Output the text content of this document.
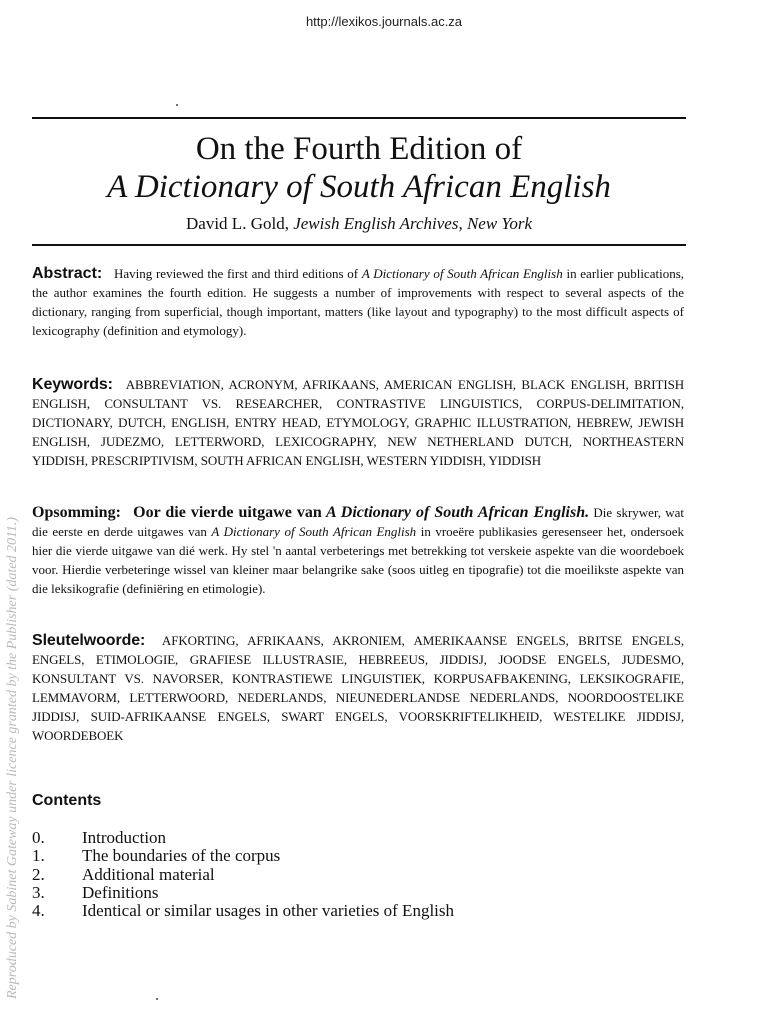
http://lexikos.journals.ac.za
On the Fourth Edition of
A Dictionary of South African English
David L. Gold, Jewish English Archives, New York
Abstract: Having reviewed the first and third editions of A Dictionary of South African English in earlier publications, the author examines the fourth edition. He suggests a number of improvements with respect to several aspects of the dictionary, ranging from superficial, though important, matters (like layout and typography) to the most difficult aspects of lexicography (definition and etymology).
Keywords: ABBREVIATION, ACRONYM, AFRIKAANS, AMERICAN ENGLISH, BLACK ENGLISH, BRITISH ENGLISH, CONSULTANT VS. RESEARCHER, CONTRASTIVE LINGUISTICS, CORPUS-DELIMITATION, DICTIONARY, DUTCH, ENGLISH, ENTRY HEAD, ETYMOLOGY, GRAPHIC ILLUSTRATION, HEBREW, JEWISH ENGLISH, JUDEZMO, LETTERWORD, LEXICOGRAPHY, NEW NETHERLAND DUTCH, NORTHEASTERN YIDDISH, PRESCRIPTIVISM, SOUTH AFRICAN ENGLISH, WESTERN YIDDISH, YIDDISH
Opsomming: Oor die vierde uitgawe van A Dictionary of South African English. Die skrywer, wat die eerste en derde uitgawes van A Dictionary of South African English in vroeëre publikasies geresenseer het, ondersoek hier die vierde uitgawe van dié werk. Hy stel 'n aantal verbeterings met betrekking tot verskeie aspekte van die woordeboek voor. Hierdie verbeteringe wissel van kleiner maar belangrike sake (soos uitleg en tipografie) tot die moeilikste aspekte van die leksikografie (definiëring en etimologie).
Sleutelwoorde: AFKORTING, AFRIKAANS, AKRONIEM, AMERIKAANSE ENGELS, BRITSE ENGELS, ENGELS, ETIMOLOGIE, GRAFIESE ILLUSTRASIE, HEBREEUS, JIDDISJ, JOODSE ENGELS, JUDESMO, KONSULTANT VS. NAVORSER, KONTRASTIEWE LINGUISTIEK, KORPUSAFBAKENING, LEKSIKOGRAFIE, LEMMAVORM, LETTERWOORD, NEDERLANDS, NIEUNEDERLANDSE NEDERLANDS, NOORDOOSTELIKE JIDDISJ, SUID-AFRIKAANSE ENGELS, SWART ENGELS, VOORSKRIFTELIKHEID, WESTELIKE JIDDISJ, WOORDEBOEK
Contents
0.	Introduction
1.	The boundaries of the corpus
2.	Additional material
3.	Definitions
4.	Identical or similar usages in other varieties of English
Reproduced by Sabinet Gateway under licence granted by the Publisher (dated 2011.)
